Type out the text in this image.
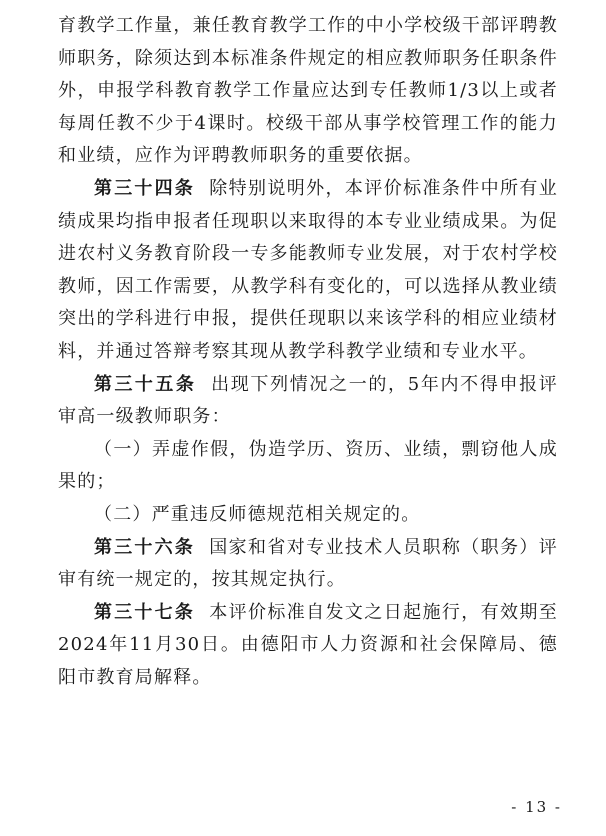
育教学工作量，兼任教育教学工作的中小学校级干部评聘教师职务，除须达到本标准条件规定的相应教师职务任职条件外，申报学科教育教学工作量应达到专任教师1/3以上或者每周任教不少于4课时。校级干部从事学校管理工作的能力和业绩，应作为评聘教师职务的重要依据。

第三十四条 除特别说明外，本评价标准条件中所有业绩成果均指申报者任现职以来取得的本专业业绩成果。为促进农村义务教育阶段一专多能教师专业发展，对于农村学校教师，因工作需要，从教学科有变化的，可以选择从教业绩突出的学科进行申报，提供任现职以来该学科的相应业绩材料，并通过答辩考察其现从教学科教学业绩和专业水平。

第三十五条 出现下列情况之一的，5年内不得申报评审高一级教师职务：

（一）弄虚作假，伪造学历、资历、业绩，剽窃他人成果的；

（二）严重违反师德规范相关规定的。

第三十六条 国家和省对专业技术人员职称（职务）评审有统一规定的，按其规定执行。

第三十七条 本评价标准自发文之日起施行，有效期至2024年11月30日。由德阳市人力资源和社会保障局、德阳市教育局解释。

- 13 -
